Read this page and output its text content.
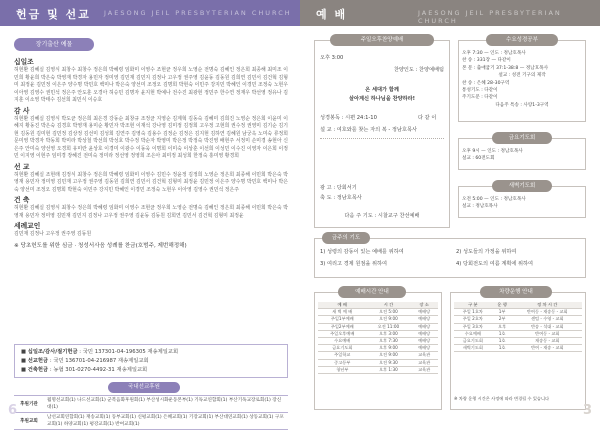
헌금 및 선교 JAESONG JEIL PRESBYTERIAN CHURCH 예 배	JAESONG JEIL PRESBYTERIAN CHURCH
장기출산 예물
십일조
허현환 김혜실 김영식 최창수 최창수 정은희 박혜령 임화미 이영수 조현균 정우희 노영순 전명숙 김혜인 정은희 최종해 최미조 이민희 황윤희 박은숙 박영재 박경자 용민자 정미영 김민재 김민지 김정나 고우정 권주영 김윤동 김동원 김희연 김민서 김건혁 김형미 최정윤 김민정 이은주 양수명 박민호 백미나 박은숙 양선미 조정오 김명희 박현숙 이민주 강지민 박혜인 이경민 조정숙 노현우 이아영 김영수 권민석 정은주 안도훈 오경아 허승민 김명자 윤지현 박예나 전수진 최광현 정민주 한수연 정재우 박선영 정유나 김지훈 이소영 박태수 김선희 최민식 이승호
감 사
허현환 김혜실 김영식 박도균 정은희 최은경 강동순 최창규 조정균 지영순 김계혁 김동숙 김혜미 김희진 노영순 정은희 이윤미 이혜지 황동진 박은숙 김경호 박영재 용미순 황민자 박조현 이재석 강나영 김미정 김정희 고우정 고현희 권수정 권영미 김기순 김기현 김동원 김미현 김민정 김상정 김선미 김성희 김연주 김영숙 김용수 김정순 김정은 김지현 김하연 김혜원 남궁옥 노미숙 류정희 문미영 박경자 박동희 박미라 박상철 박선희 박성호 박수정 박순자 박영미 박은정 박정숙 박진영 배현주 서정미 손미경 송현아 신은주 안미숙 양선영 오경희 유미란 윤상호 이경미 이광수 이동욱 이명희 이미숙 이상훈 이선희 이성민 이수진 이영자 이은희 이정민 이지영 이현주 임미경 장혜진 전미숙 정미라 정선영 정영희 조은아 최미정 최성희 한정숙 홍미영 황경희
선 교
허현환 김혜실 조현래 김정식 최창수 정은희 박혜령 임화미 이영수 김민수 정윤정 김정희 노영순 정은희 최종해 이민희 박은숙 박영재 용민자 정미영 김민재 고우정 권주영 김동원 김희연 김민서 김건혁 김형미 최정윤 김민정 이은주 양수명 박민호 백미나 박은숙 양선미 조정오 김명희 박현숙 이민주 강지민 박혜인 이경민 조정숙 노현우 이아영 김영수 권민석 정은주
건 축
허현환 김혜실 김영식 최창수 정은희 박혜령 임화미 이영수 조현균 정우희 노영순 전명숙 김혜인 정은희 최종해 이민희 박은숙 박영재 용민자 정미영 김민재 김민지 김정나 고우정 권주영 김윤동 김동원 김희연 김민서 김건혁 김형미 최정윤
세례교인
김민재 김정나 고우정 권주영 김동원
※ 당초헌도를 위한 심금 · 청성서사음 성례를 찬금(호범주, 제번해정해)
■ 십일조/감사/절기헌금 : 국민 137301-04-196305 재송제일교회
■ 선교헌금 : 국민 136701-04-216987 재송제일교회
■ 건축헌금 : 농협 301-0270-4492-31 재송제일교회
국내선교후원
후원기관	월명선교회(1) 나드선교회(1) 군복음화후원회(1) 부산성시화운동본부(1) 기독교연합회(1) 부산기독교장로회(1) 장신대(1)
후원교회	남선교회연합회(1) 재송교회(1) 동부교회(1) 신평교회(1) 은혜교회(1) 기장교회(1) 부산대연교회(1) 상동교회(1) 구포교회(1) 하양교회(1) 평강교회(1) 반여교회(1)
6
주일오후찬양예배
오후 3:00
찬양인도 : 찬양예배팀
온 세대가 함께
살아계신 하나님을 찬양하라!
성경봉독 : 시편 24:1-10	다 같 이
설 교 : 여호와를 찾는 자의 복 - 정남호목사
광 고 : 당회서기
축 도 : 정남호목사
다음 주 기도 : 시찰교구 찬선예배
수요성경공부
오후 7:30 — 인도 : 정남호목사
찬 송 : 331장 — 다같이
본 문 : 출애굽기 37:1-38:8 — 정남호목사
설교 : 성전 기구의 제작
찬 송 : 은혜 28-30구역
통성기도 : 다같이
주기도문 : 다같이
다음주 특송 : 사랑1-3구역
금요기도회
오후 9시 — 인도 : 정남호목사
설교 : 60전도회
새벽기도회
오전 5:00 — 인도 : 정남호목사
설교 : 정남호목사
금주의 기도
1) 성령의 감동이 있는 예배를 위하여	2) 성도들의 가정을 위하여
3) 여리고 경제 원점을 위하여	4) 당회전도의 여름 계획에 위하여
예배시간 안내
예 배	시 간	장 소
새 벽 예 배	오전 5:00	예배당
주일1부예배	오전 9:00	예배당
주일2부예배	오전 11:00	예배당
주일오후예배	오후 3:00	예배당
수요예배	오후 7:30	예배당
금요기도회	오후 9:00	예배당
주일학교	오전 9:00	교육관
중고등부	오전 9:30	교육관
청년부	오후 1:30	교육관
차량운행 안내
구 분	운 행	정 차 시 간
주일 1호차	1부	반여동 - 재송동 - 교회
주일 2호차	2부	센텀 - 수영 - 교회
주일 3호차	오후	반송 - 석대 - 교회
수요예배	1호	반여동 - 교회
금요기도회	1호	재송동 - 교회
새벽기도회	1호	반여 - 재송 - 교회
※ 차량 운행 시간은 사정에 따라 변경될 수 있습니다
3
